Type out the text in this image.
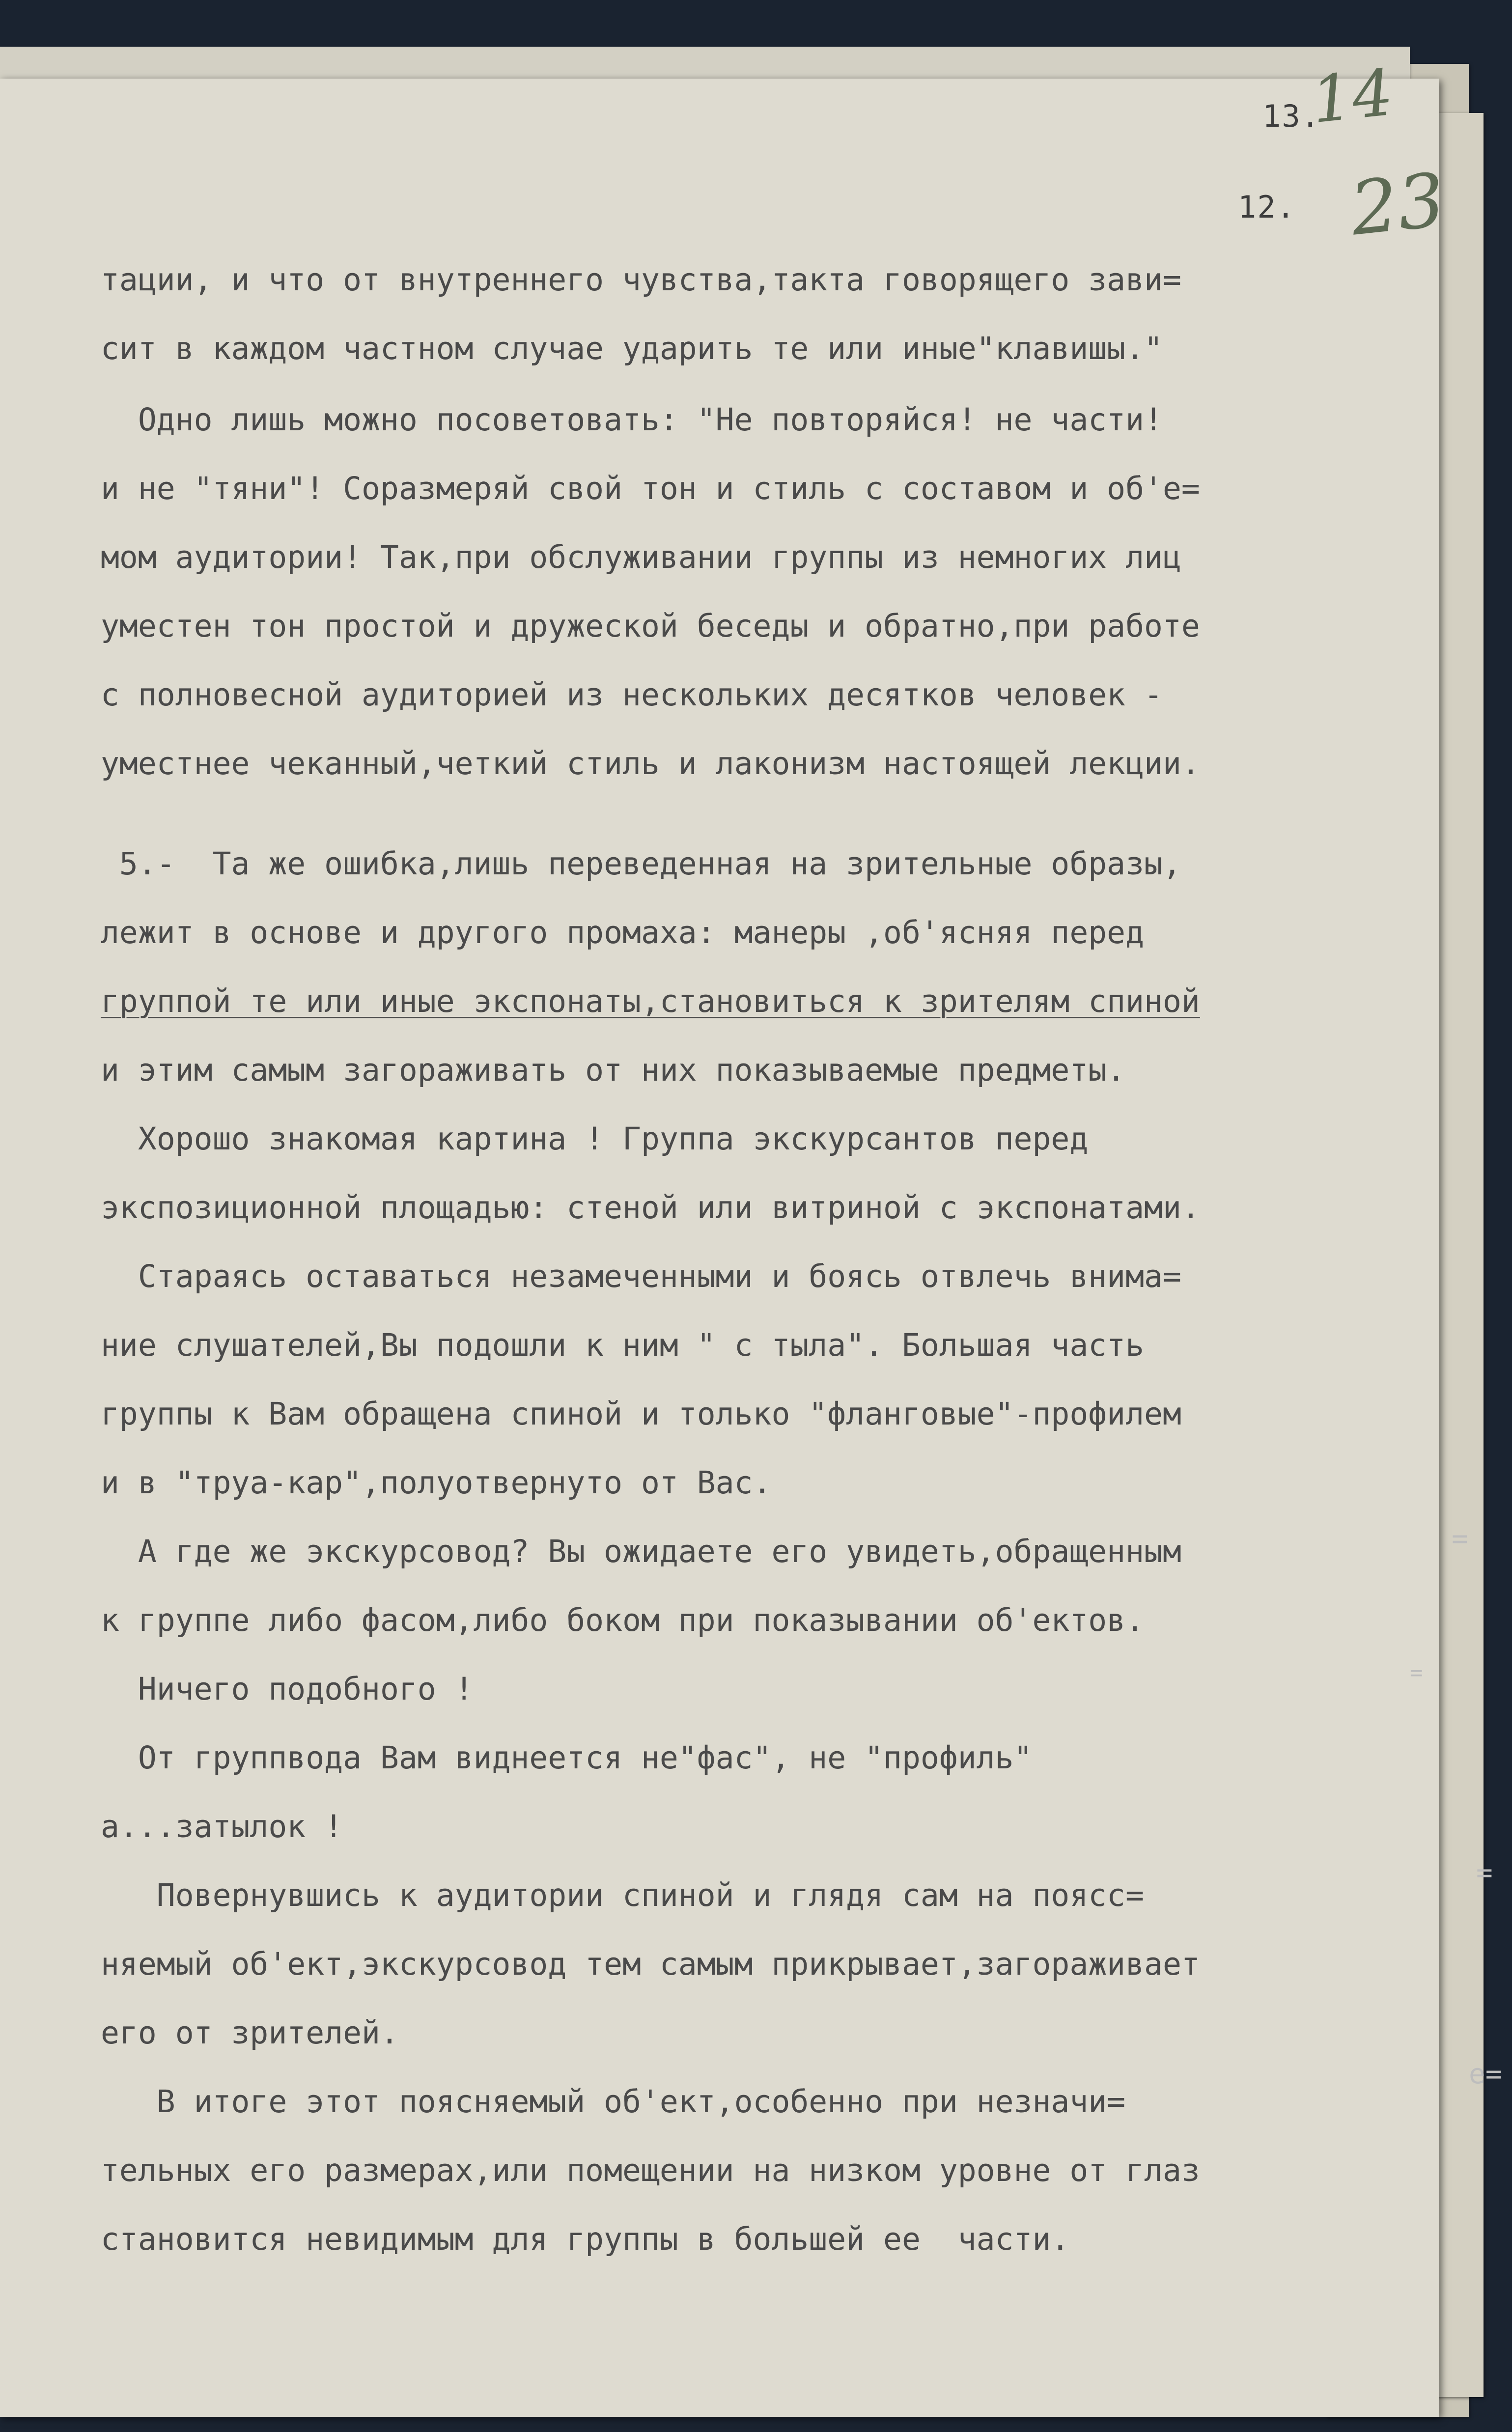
13.
14
12. 23
тации, и что от внутреннего чувства,такта говорящего зави=
сит в каждом частном случае ударить те или иные"клавишы."
Одно лишь можно посоветовать: "Не повторяйся! не части!
и не "тяни"! Соразмеряй свой тон и стиль с составом и об'е=
мом аудитории! Так,при обслуживании группы из немногих лиц
уместен тон простой и дружеской беседы и обратно,при работе
с полновесной аудиторией из нескольких десятков человек -
уместнее чеканный,четкий стиль и лаконизм настоящей лекции.
5.-  Та же ошибка,лишь переведенная на зрительные образы,
лежит в основе и другого промаха: манеры ,об'ясняя перед
группой те или иные экспонаты,становиться к зрителям спиной
и этим самым загораживать от них показываемые предметы.
Хорошо знакомая картина ! Группа экскурсантов перед
экспозиционной площадью: стеной или витриной с экспонатами.
Стараясь оставаться незамеченными и боясь отвлечь внима=
ние слушателей,Вы подошли к ним " с тыла". Большая часть
группы к Вам обращена спиной и только "фланговые"-профилем
и в "труа-кар",полуотвернуто от Вас.
А где же экскурсовод? Вы ожидаете его увидеть,обращенным
к группе либо фасом,либо боком при показывании об'ектов.
Ничего подобного !
От группвода Вам виднеется не"фас", не "профиль"
а...затылок !
Повернувшись к аудитории спиной и глядя сам на поясс=
няемый об'ект,экскурсовод тем самым прикрывает,загораживает
его от зрителей.
В итоге этот поясняемый об'ект,особенно при незначи=
тельных его размерах,или помещении на низком уровне от глаз
становится невидимым для группы в большей ее  части.
=
=
=
е=
